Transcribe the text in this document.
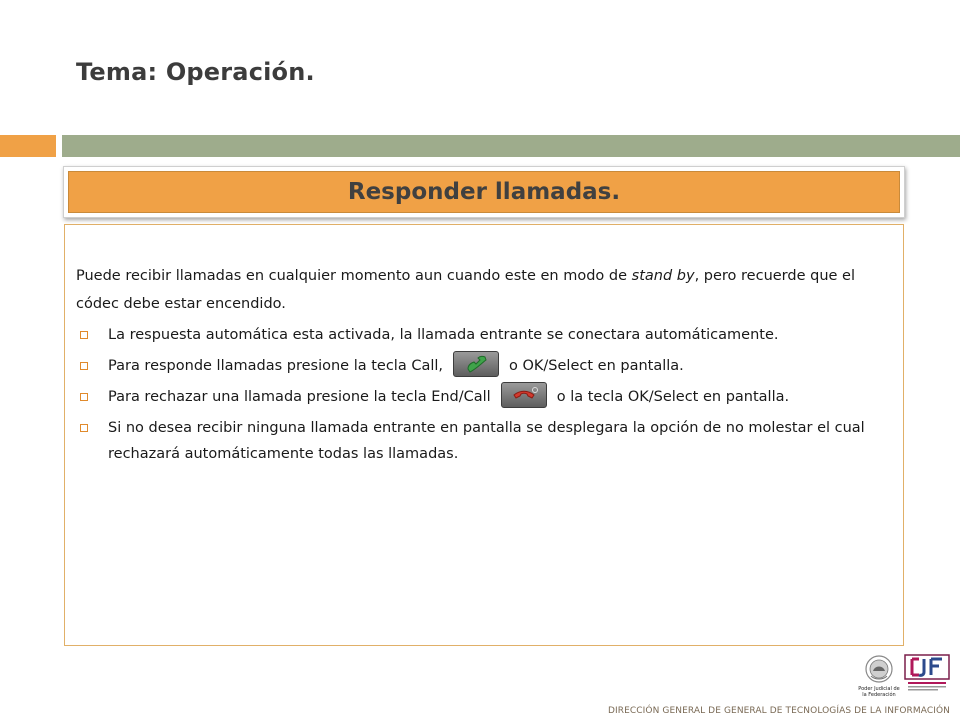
Tema: Operación.
Responder llamadas.
Puede recibir llamadas en cualquier momento aun cuando este en modo de stand by, pero recuerde que el códec debe estar encendido.
La respuesta automática esta activada, la llamada entrante se conectara automáticamente.
Para responde llamadas presione la tecla Call,	o OK/Select en pantalla.
Para rechazar una llamada presione la tecla End/Call	o la tecla OK/Select en pantalla.
Si no desea recibir ninguna llamada entrante en pantalla se desplegara la opción de no molestar el cual rechazará automáticamente todas las llamadas.
Poder Judicial de la Federación
DIRECCIÓN GENERAL DE GENERAL DE TECNOLOGÍAS DE LA INFORMACIÓN
